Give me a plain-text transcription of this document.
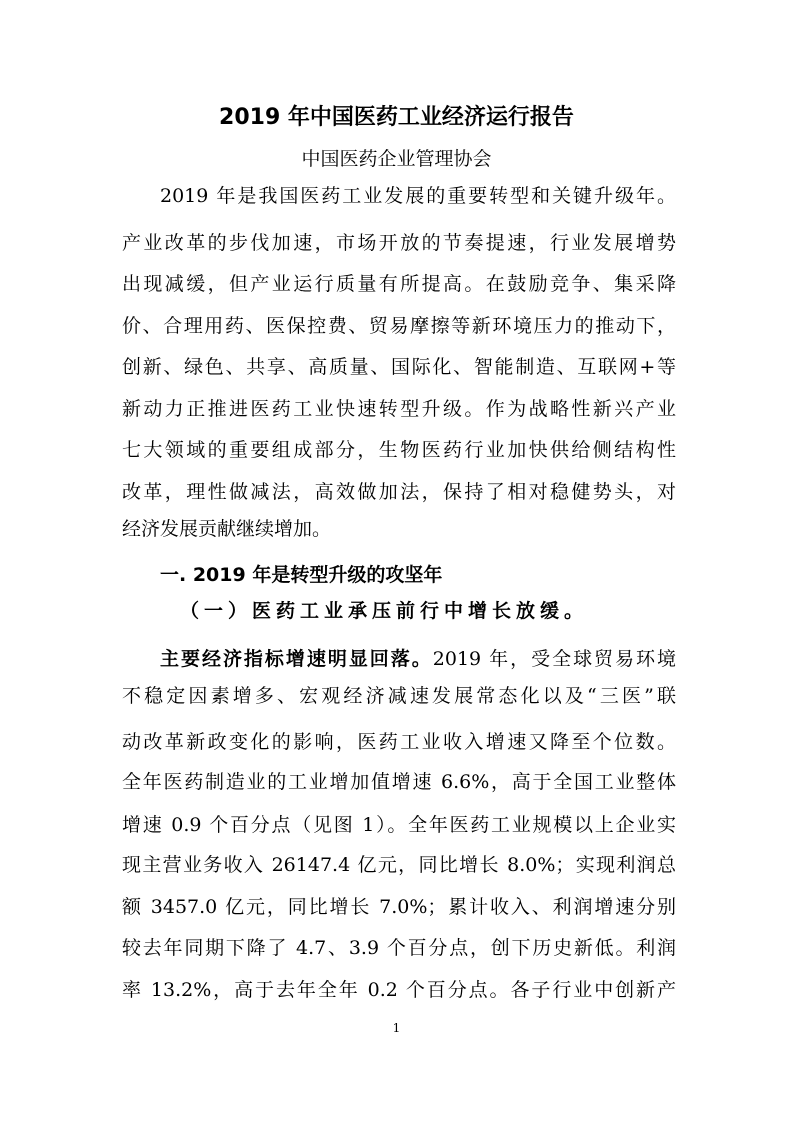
2019 年中国医药工业经济运行报告
中国医药企业管理协会
2019 年是我国医药工业发展的重要转型和关键升级年。
产业改革的步伐加速，市场开放的节奏提速，行业发展增势
出现减缓，但产业运行质量有所提高。在鼓励竞争、集采降
价、合理用药、医保控费、贸易摩擦等新环境压力的推动下，
创新、绿色、共享、高质量、国际化、智能制造、互联网+等
新动力正推进医药工业快速转型升级。作为战略性新兴产业
七大领域的重要组成部分，生物医药行业加快供给侧结构性
改革，理性做减法，高效做加法，保持了相对稳健势头，对
经济发展贡献继续增加。
一. 2019 年是转型升级的攻坚年
（一）医药工业承压前行中增长放缓。
主要经济指标增速明显回落。2019 年，受全球贸易环境
不稳定因素增多、宏观经济减速发展常态化以及“三医”联
动改革新政变化的影响，医药工业收入增速又降至个位数。
全年医药制造业的工业增加值增速 6.6%，高于全国工业整体
增速 0.9 个百分点（见图 1）。全年医药工业规模以上企业实
现主营业务收入 26147.4 亿元，同比增长 8.0%；实现利润总
额 3457.0 亿元，同比增长 7.0%；累计收入、利润增速分别
较去年同期下降了 4.7、3.9 个百分点，创下历史新低。利润
率 13.2%，高于去年全年 0.2 个百分点。各子行业中创新产
1
